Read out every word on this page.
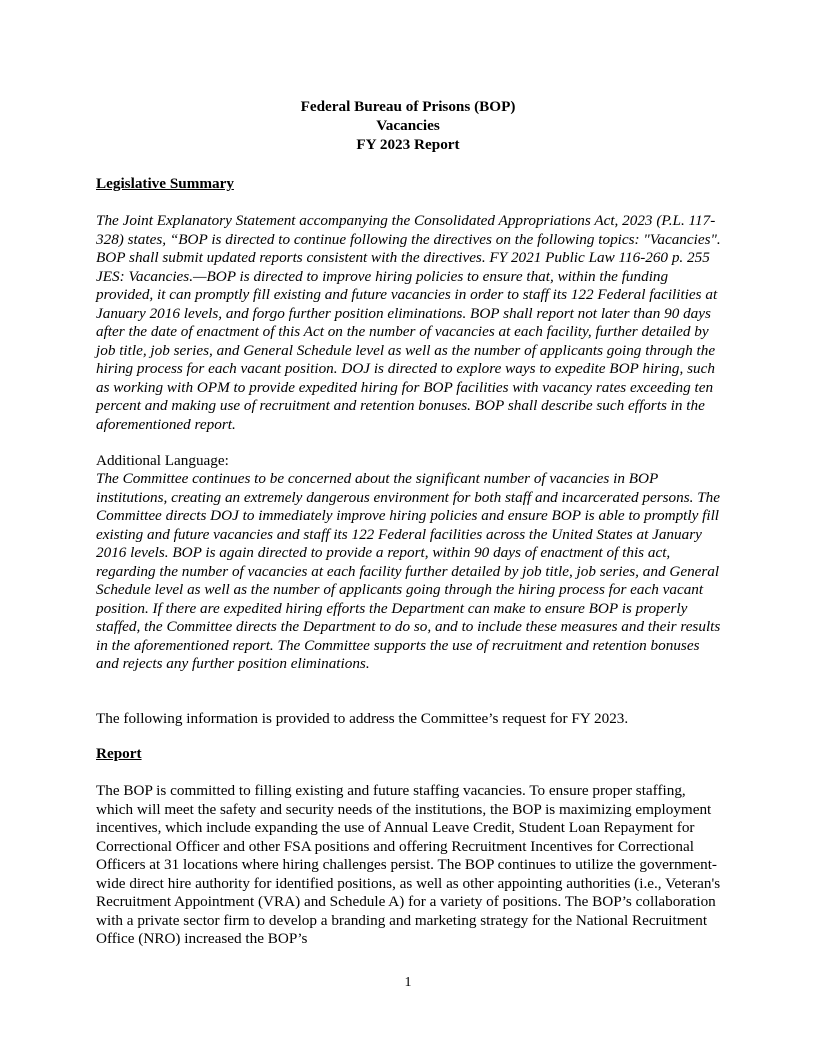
Federal Bureau of Prisons (BOP)

Vacancies

FY 2023 Report

Legislative Summary

The Joint Explanatory Statement accompanying the Consolidated Appropriations Act, 2023 (P.L. 117-328) states, “BOP is directed to continue following the directives on the following topics: "Vacancies". BOP shall submit updated reports consistent with the directives. FY 2021 Public Law 116-260 p. 255 JES: Vacancies.—BOP is directed to improve hiring policies to ensure that, within the funding provided, it can promptly fill existing and future vacancies in order to staff its 122 Federal facilities at January 2016 levels, and forgo further position eliminations. BOP shall report not later than 90 days after the date of enactment of this Act on the number of vacancies at each facility, further detailed by job title, job series, and General Schedule level as well as the number of applicants going through the hiring process for each vacant position. DOJ is directed to explore ways to expedite BOP hiring, such as working with OPM to provide expedited hiring for BOP facilities with vacancy rates exceeding ten percent and making use of recruitment and retention bonuses. BOP shall describe such efforts in the aforementioned report.

Additional Language:

The Committee continues to be concerned about the significant number of vacancies in BOP institutions, creating an extremely dangerous environment for both staff and incarcerated persons. The Committee directs DOJ to immediately improve hiring policies and ensure BOP is able to promptly fill existing and future vacancies and staff its 122 Federal facilities across the United States at January 2016 levels. BOP is again directed to provide a report, within 90 days of enactment of this act, regarding the number of vacancies at each facility further detailed by job title, job series, and General Schedule level as well as the number of applicants going through the hiring process for each vacant position. If there are expedited hiring efforts the Department can make to ensure BOP is properly staffed, the Committee directs the Department to do so, and to include these measures and their results in the aforementioned report. The Committee supports the use of recruitment and retention bonuses and rejects any further position eliminations.

The following information is provided to address the Committee’s request for FY 2023.

Report

The BOP is committed to filling existing and future staffing vacancies. To ensure proper staffing, which will meet the safety and security needs of the institutions, the BOP is maximizing employment incentives, which include expanding the use of Annual Leave Credit, Student Loan Repayment for Correctional Officer and other FSA positions and offering Recruitment Incentives for Correctional Officers at 31 locations where hiring challenges persist. The BOP continues to utilize the government-wide direct hire authority for identified positions, as well as other appointing authorities (i.e., Veteran's Recruitment Appointment (VRA) and Schedule A) for a variety of positions. The BOP’s collaboration with a private sector firm to develop a branding and marketing strategy for the National Recruitment Office (NRO) increased the BOP’s

1
